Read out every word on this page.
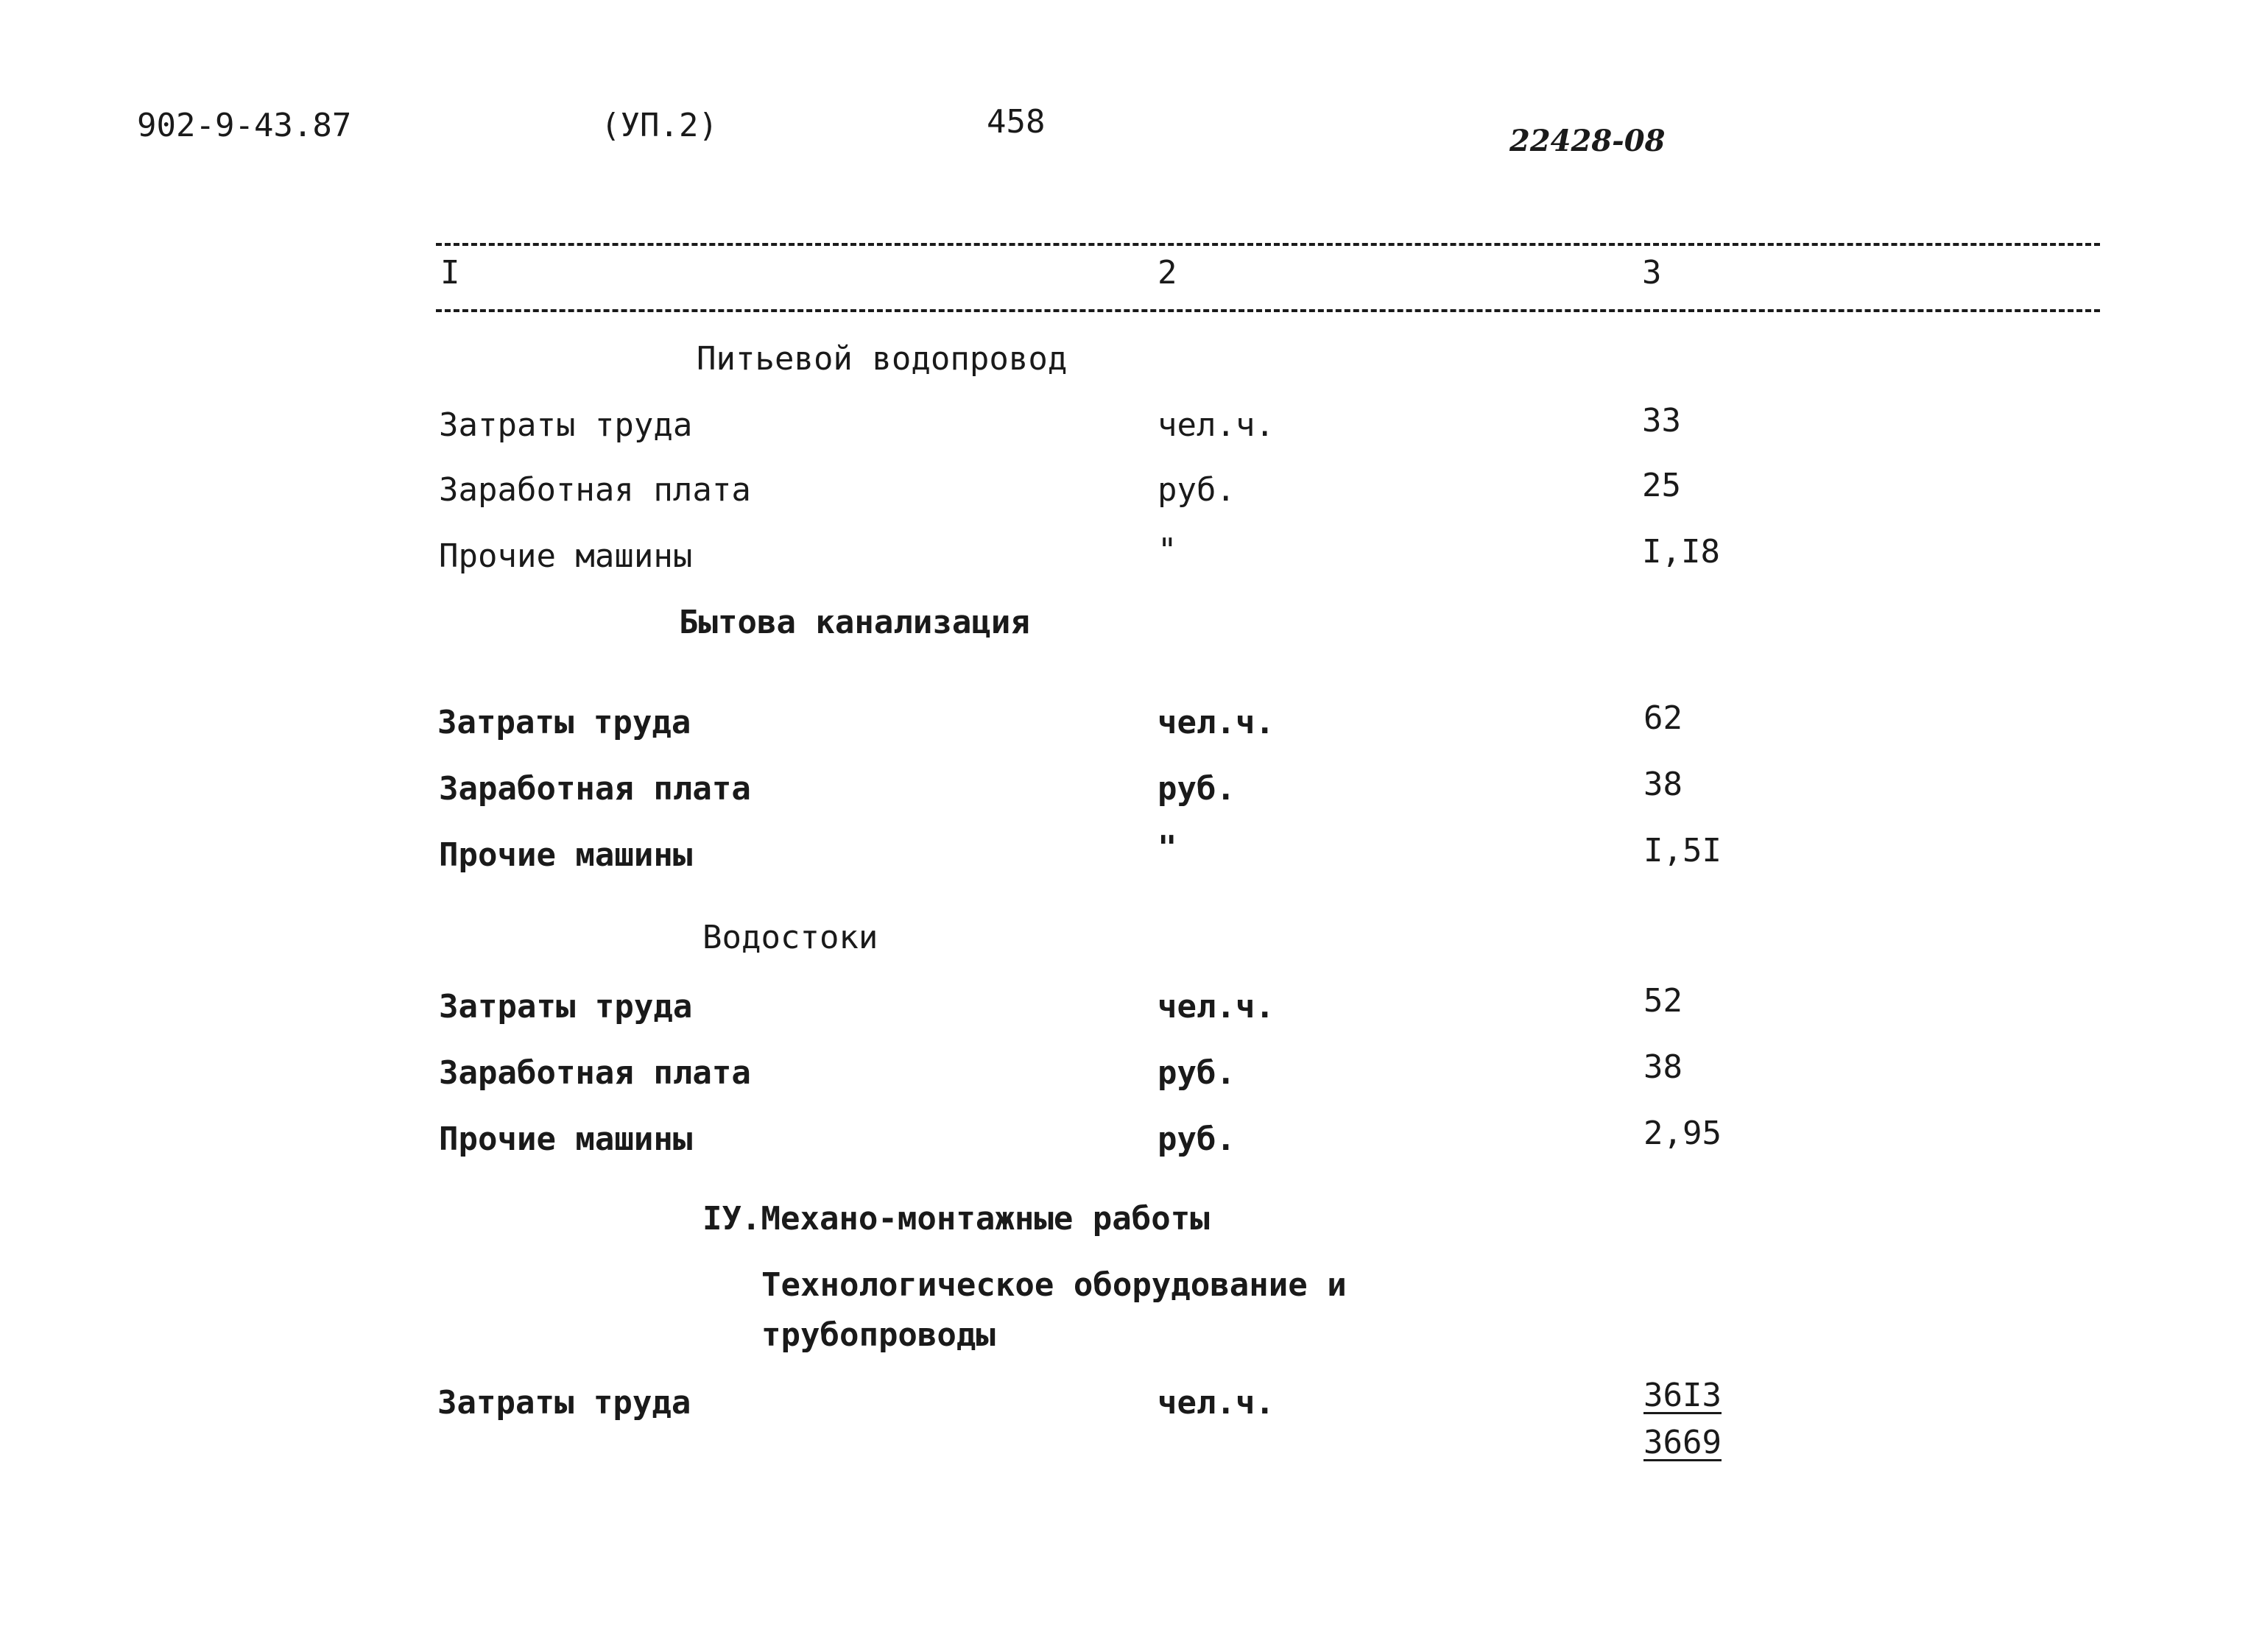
902-9-43.87	(УП.2)	458
22428-08
I	2	3
Питьевой водопровод
Затраты труда	чел.ч.	33
Заработная плата	руб.	25
Прочие машины	"	I,I8
Бытова канализация
Затраты труда	чел.ч.	62
Заработная плата	руб.	38
Прочие машины	"	I,5I
Водостоки
Затраты труда	чел.ч.	52
Заработная плата	руб.	38
Прочие машины	руб.	2,95
IУ.Механо-монтажные работы
Технологическое оборудование и
трубопроводы
Затраты труда	чел.ч.	$\frac{36I3}{3669}$
